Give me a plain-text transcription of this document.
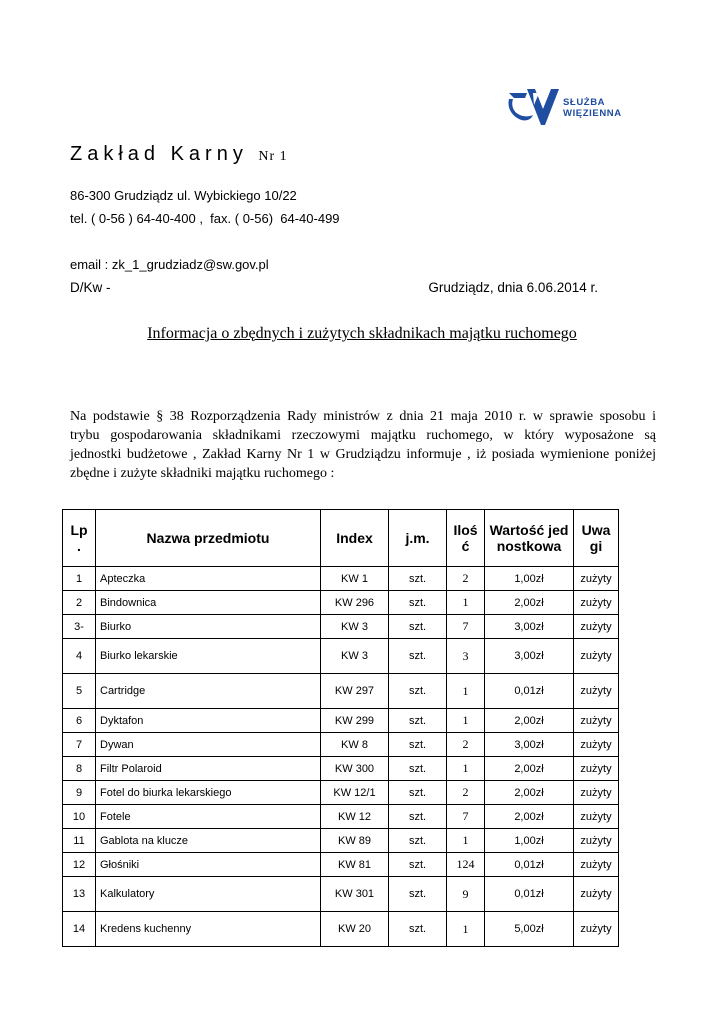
SŁUŻBA
WIĘZIENNA
Zakład Karny Nr 1
86-300 Grudziądz ul. Wybickiego 10/22
tel. ( 0-56 ) 64-40-400 ,  fax. ( 0-56)  64-40-499
email : zk_1_grudziadz@sw.gov.pl
D/Kw -	Grudziądz, dnia 6.06.2014 r.
Informacja o zbędnych i zużytych składnikach majątku ruchomego
Na podstawie § 38 Rozporządzenia Rady ministrów z dnia 21 maja 2010 r. w sprawie sposobu i
trybu gospodarowania składnikami rzeczowymi majątku ruchomego, w który wyposażone są
jednostki budżetowe , Zakład Karny Nr 1 w Grudziądzu informuje , iż posiada wymienione poniżej
zbędne i zużyte składniki majątku ruchomego :
Lp .	Nazwa przedmiotu	Index	j.m.	Ilość	Wartość jednostkowa	Uwagi
1	Apteczka	KW 1	szt.	2	1,00zł	zużyty
2	Bindownica	KW 296	szt.	1	2,00zł	zużyty
3-	Biurko	KW 3	szt.	7	3,00zł	zużyty
4	Biurko lekarskie	KW 3	szt.	3	3,00zł	zużyty
5	Cartridge	KW 297	szt.	1	0,01zł	zużyty
6	Dyktafon	KW 299	szt.	1	2,00zł	zużyty
7	Dywan	KW 8	szt.	2	3,00zł	zużyty
8	Filtr Polaroid	KW 300	szt.	1	2,00zł	zużyty
9	Fotel do biurka lekarskiego	KW 12/1	szt.	2	2,00zł	zużyty
10	Fotele	KW 12	szt.	7	2,00zł	zużyty
11	Gablota na klucze	KW 89	szt.	1	1,00zł	zużyty
12	Głośniki	KW 81	szt.	124	0,01zł	zużyty
13	Kalkulatory	KW 301	szt.	9	0,01zł	zużyty
14	Kredens kuchenny	KW 20	szt.	1	5,00zł	zużyty
